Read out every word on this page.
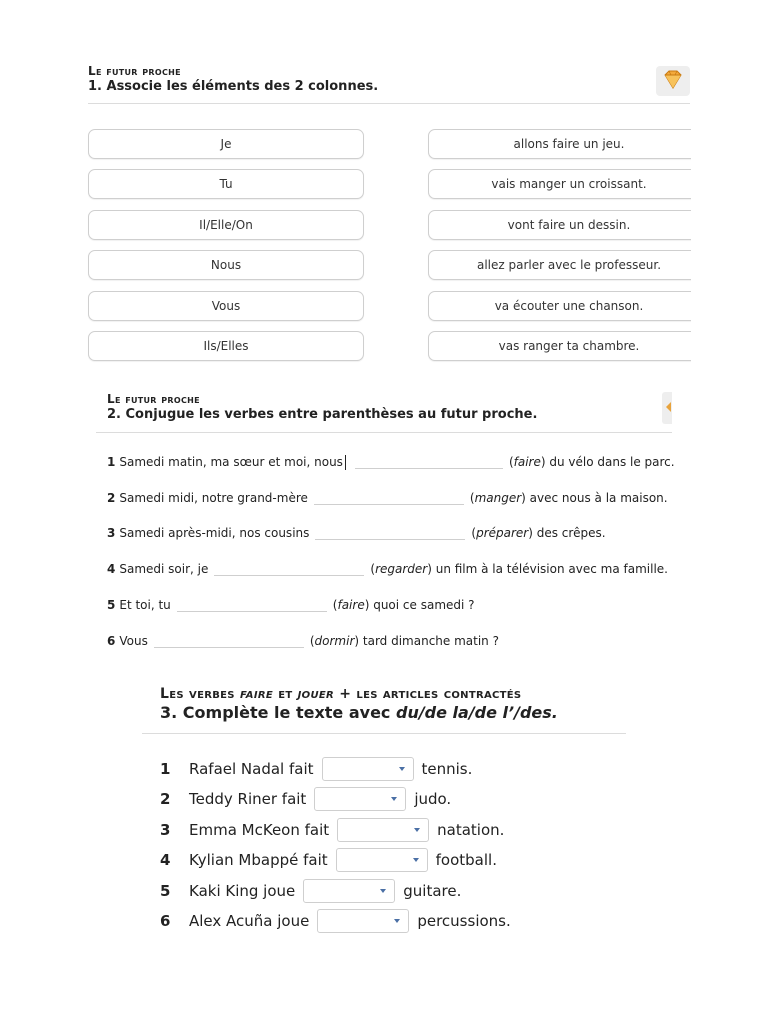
Le futur proche
1. Associe les éléments des 2 colonnes.
Je
Tu
Il/Elle/On
Nous
Vous
Ils/Elles
allons faire un jeu.
vais manger un croissant.
vont faire un dessin.
allez parler avec le professeur.
va écouter une chanson.
vas ranger ta chambre.
Le futur proche
2. Conjugue les verbes entre parenthèses au futur proche.
1 Samedi matin, ma sœur et moi, nous	( faire ) du vélo dans le parc.
2 Samedi midi, notre grand-mère	( manger ) avec nous à la maison.
3 Samedi après-midi, nos cousins	( préparer ) des crêpes.
4 Samedi soir, je	( regarder ) un film à la télévision avec ma famille.
5 Et toi, tu	( faire ) quoi ce samedi ?
6 Vous	( dormir ) tard dimanche matin ?
Les verbes faire et jouer + les articles contractés
3. Complète le texte avec du/de la/de l’/des.
1	Rafael Nadal fait	tennis.
2	Teddy Riner fait	judo.
3	Emma McKeon fait	natation.
4	Kylian Mbappé fait	football.
5	Kaki King joue	guitare.
6	Alex Acuña joue	percussions.
